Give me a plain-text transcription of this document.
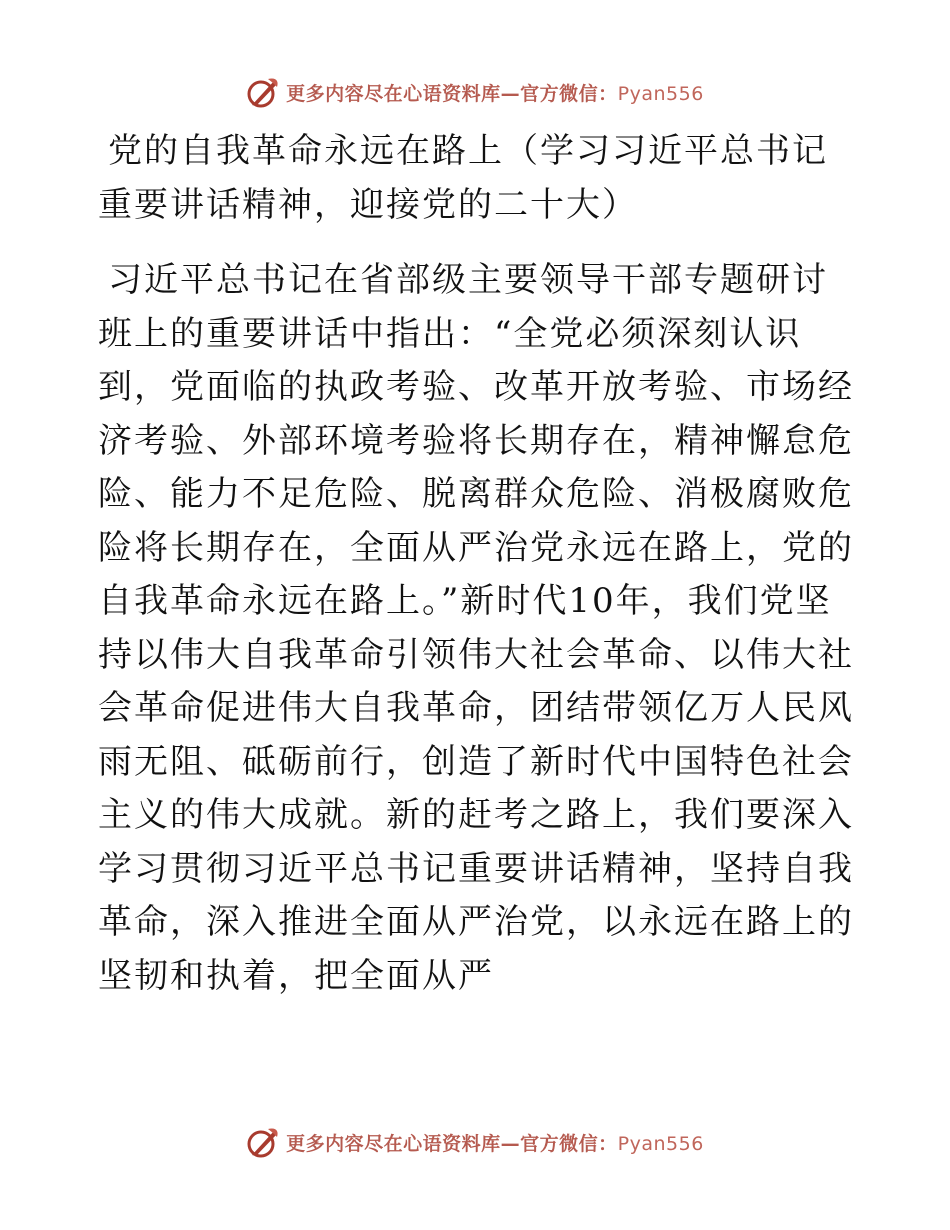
更多内容尽在心语资料库—官方微信：Pyan556
党的自我革命永远在路上（学习习近平总书记重要讲话精神，迎接党的二十大）

习近平总书记在省部级主要领导干部专题研讨班上的重要讲话中指出：“全党必须深刻认识到，党面临的执政考验、改革开放考验、市场经济考验、外部环境考验将长期存在，精神懈怠危险、能力不足危险、脱离群众危险、消极腐败危险将长期存在，全面从严治党永远在路上，党的自我革命永远在路上。”新时代10年，我们党坚持以伟大自我革命引领伟大社会革命、以伟大社会革命促进伟大自我革命，团结带领亿万人民风雨无阻、砥砺前行，创造了新时代中国特色社会主义的伟大成就。新的赶考之路上，我们要深入学习贯彻习近平总书记重要讲话精神，坚持自我革命，深入推进全面从严治党，以永远在路上的坚韧和执着，把全面从严

更多内容尽在心语资料库—官方微信：Pyan556
